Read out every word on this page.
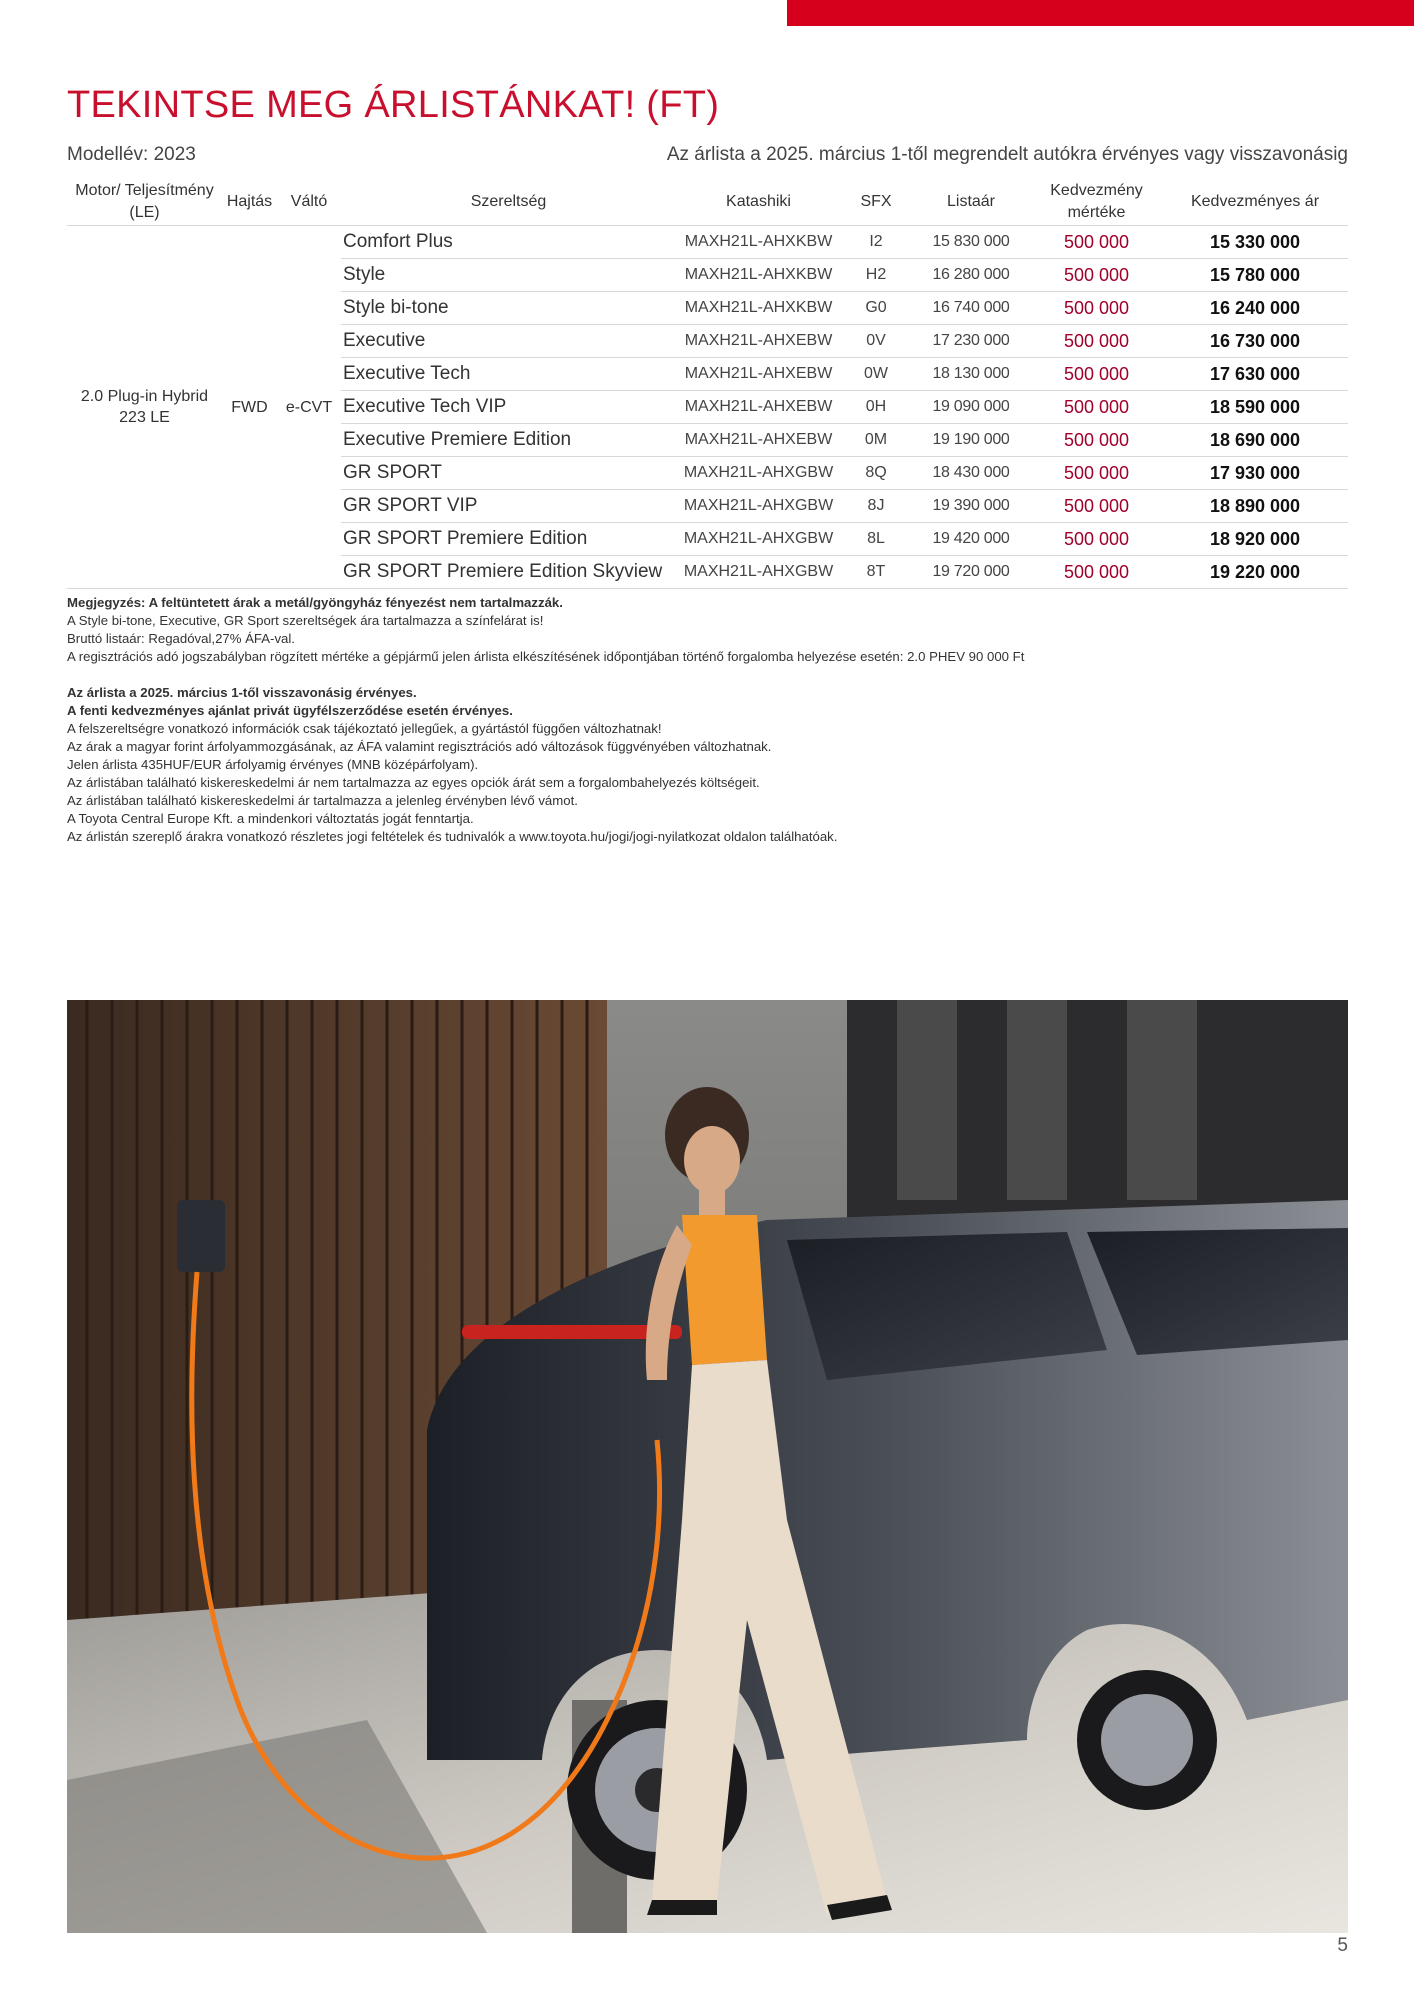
TEKINTSE MEG ÁRLISTÁNKAT! (FT)
Modellév: 2023	Az árlista a 2025. március 1-től megrendelt autókra érvényes vagy visszavonásig
Motor/ Teljesítmény (LE)	Hajtás	Váltó	Szereltség	Katashiki	SFX	Listaár	Kedvezmény mértéke	Kedvezményes ár
2.0 Plug-in Hybrid 223 LE	FWD	e-CVT	Comfort Plus	MAXH21L-AHXKBW	I2	15 830 000	500 000	15 330 000
			Style	MAXH21L-AHXKBW	H2	16 280 000	500 000	15 780 000
			Style bi-tone	MAXH21L-AHXKBW	G0	16 740 000	500 000	16 240 000
			Executive	MAXH21L-AHXEBW	0V	17 230 000	500 000	16 730 000
			Executive Tech	MAXH21L-AHXEBW	0W	18 130 000	500 000	17 630 000
			Executive Tech VIP	MAXH21L-AHXEBW	0H	19 090 000	500 000	18 590 000
			Executive Premiere Edition	MAXH21L-AHXEBW	0M	19 190 000	500 000	18 690 000
			GR SPORT	MAXH21L-AHXGBW	8Q	18 430 000	500 000	17 930 000
			GR SPORT VIP	MAXH21L-AHXGBW	8J	19 390 000	500 000	18 890 000
			GR SPORT Premiere Edition	MAXH21L-AHXGBW	8L	19 420 000	500 000	18 920 000
			GR SPORT Premiere Edition Skyview	MAXH21L-AHXGBW	8T	19 720 000	500 000	19 220 000

Megjegyzés: A feltüntetett árak a metál/gyöngyház fényezést nem tartalmazzák.

A Style bi-tone, Executive, GR Sport szereltségek ára tartalmazza a színfelárat is!

Bruttó listaár: Regadóval,27% ÁFA-val.

A regisztrációs adó jogszabályban rögzített mértéke a gépjármű jelen árlista elkészítésének időpontjában történő forgalomba helyezése esetén: 2.0 PHEV 90 000 Ft

Az árlista a 2025. március 1-től visszavonásig érvényes.

A fenti kedvezményes ajánlat privát ügyfélszerződése esetén érvényes.

A felszereltségre vonatkozó információk csak tájékoztató jellegűek, a gyártástól függően változhatnak!

Az árak a magyar forint árfolyammozgásának, az ÁFA valamint regisztrációs adó változások függvényében változhatnak.

Jelen árlista 435HUF/EUR árfolyamig érvényes (MNB középárfolyam).

Az árlistában található kiskereskedelmi ár nem tartalmazza az egyes opciók árát sem a forgalombahelyezés költségeit.

Az árlistában található kiskereskedelmi ár tartalmazza a jelenleg érvényben lévő vámot.

A Toyota Central Europe Kft. a mindenkori változtatás jogát fenntartja.

Az árlistán szereplő árakra vonatkozó részletes jogi feltételek és tudnivalók a www.toyota.hu/jogi/jogi-nyilatkozat oldalon találhatóak.

5
